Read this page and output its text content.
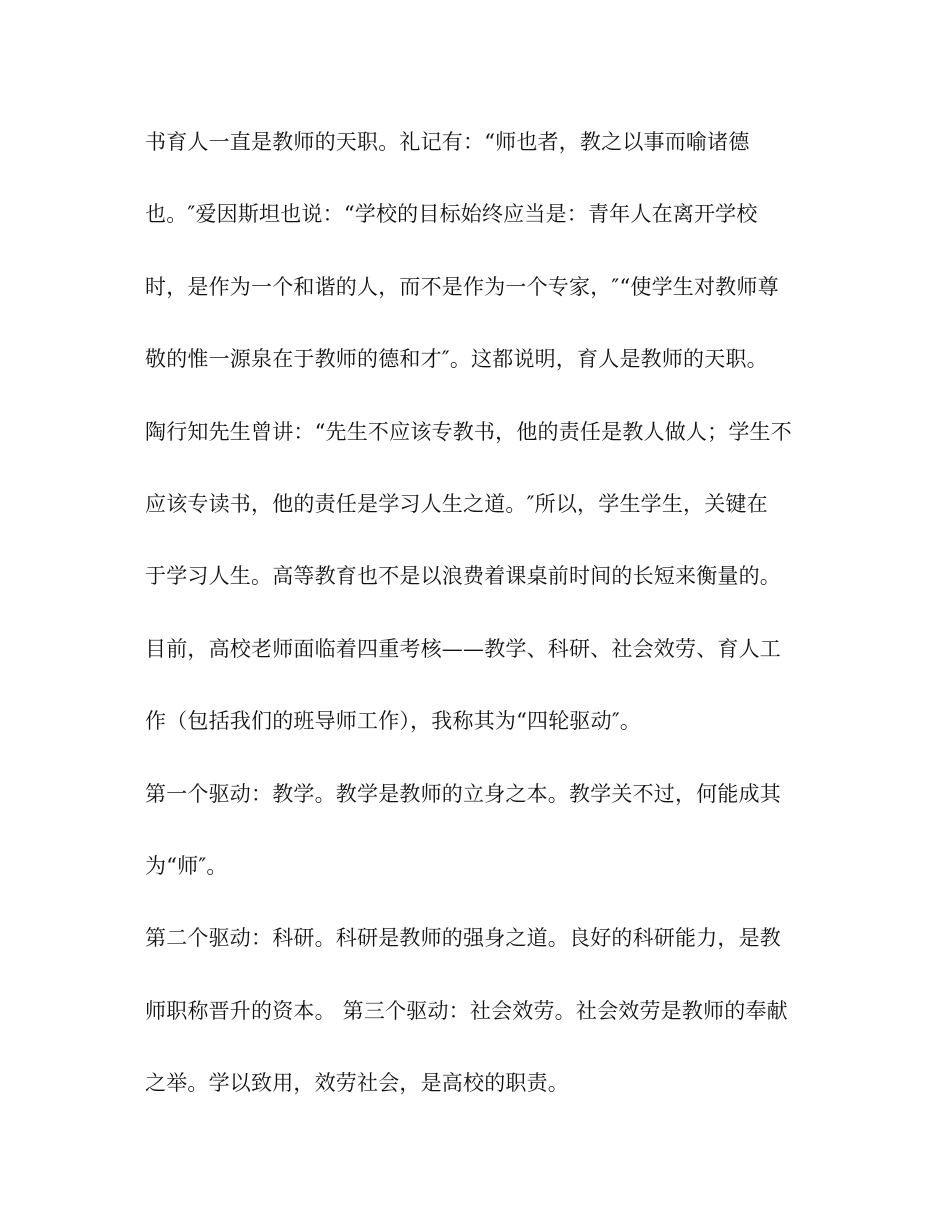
书育人一直是教师的天职。礼记有：“师也者，教之以事而喻诸德
也。″爱因斯坦也说：“学校的目标始终应当是：青年人在离开学校
时，是作为一个和谐的人，而不是作为一个专家，″“使学生对教师尊
敬的惟一源泉在于教师的德和才″。这都说明，育人是教师的天职。
陶行知先生曾讲：“先生不应该专教书，他的责任是教人做人；学生不
应该专读书，他的责任是学习人生之道。″所以，学生学生，关键在
于学习人生。高等教育也不是以浪费着课桌前时间的长短来衡量的。
目前，高校老师面临着四重考核——教学、科研、社会效劳、育人工
作（包括我们的班导师工作），我称其为“四轮驱动″。
第一个驱动：教学。教学是教师的立身之本。教学关不过，何能成其
为“师″。
第二个驱动：科研。科研是教师的强身之道。良好的科研能力，是教
师职称晋升的资本。 第三个驱动：社会效劳。社会效劳是教师的奉献
之举。学以致用，效劳社会，是高校的职责。
